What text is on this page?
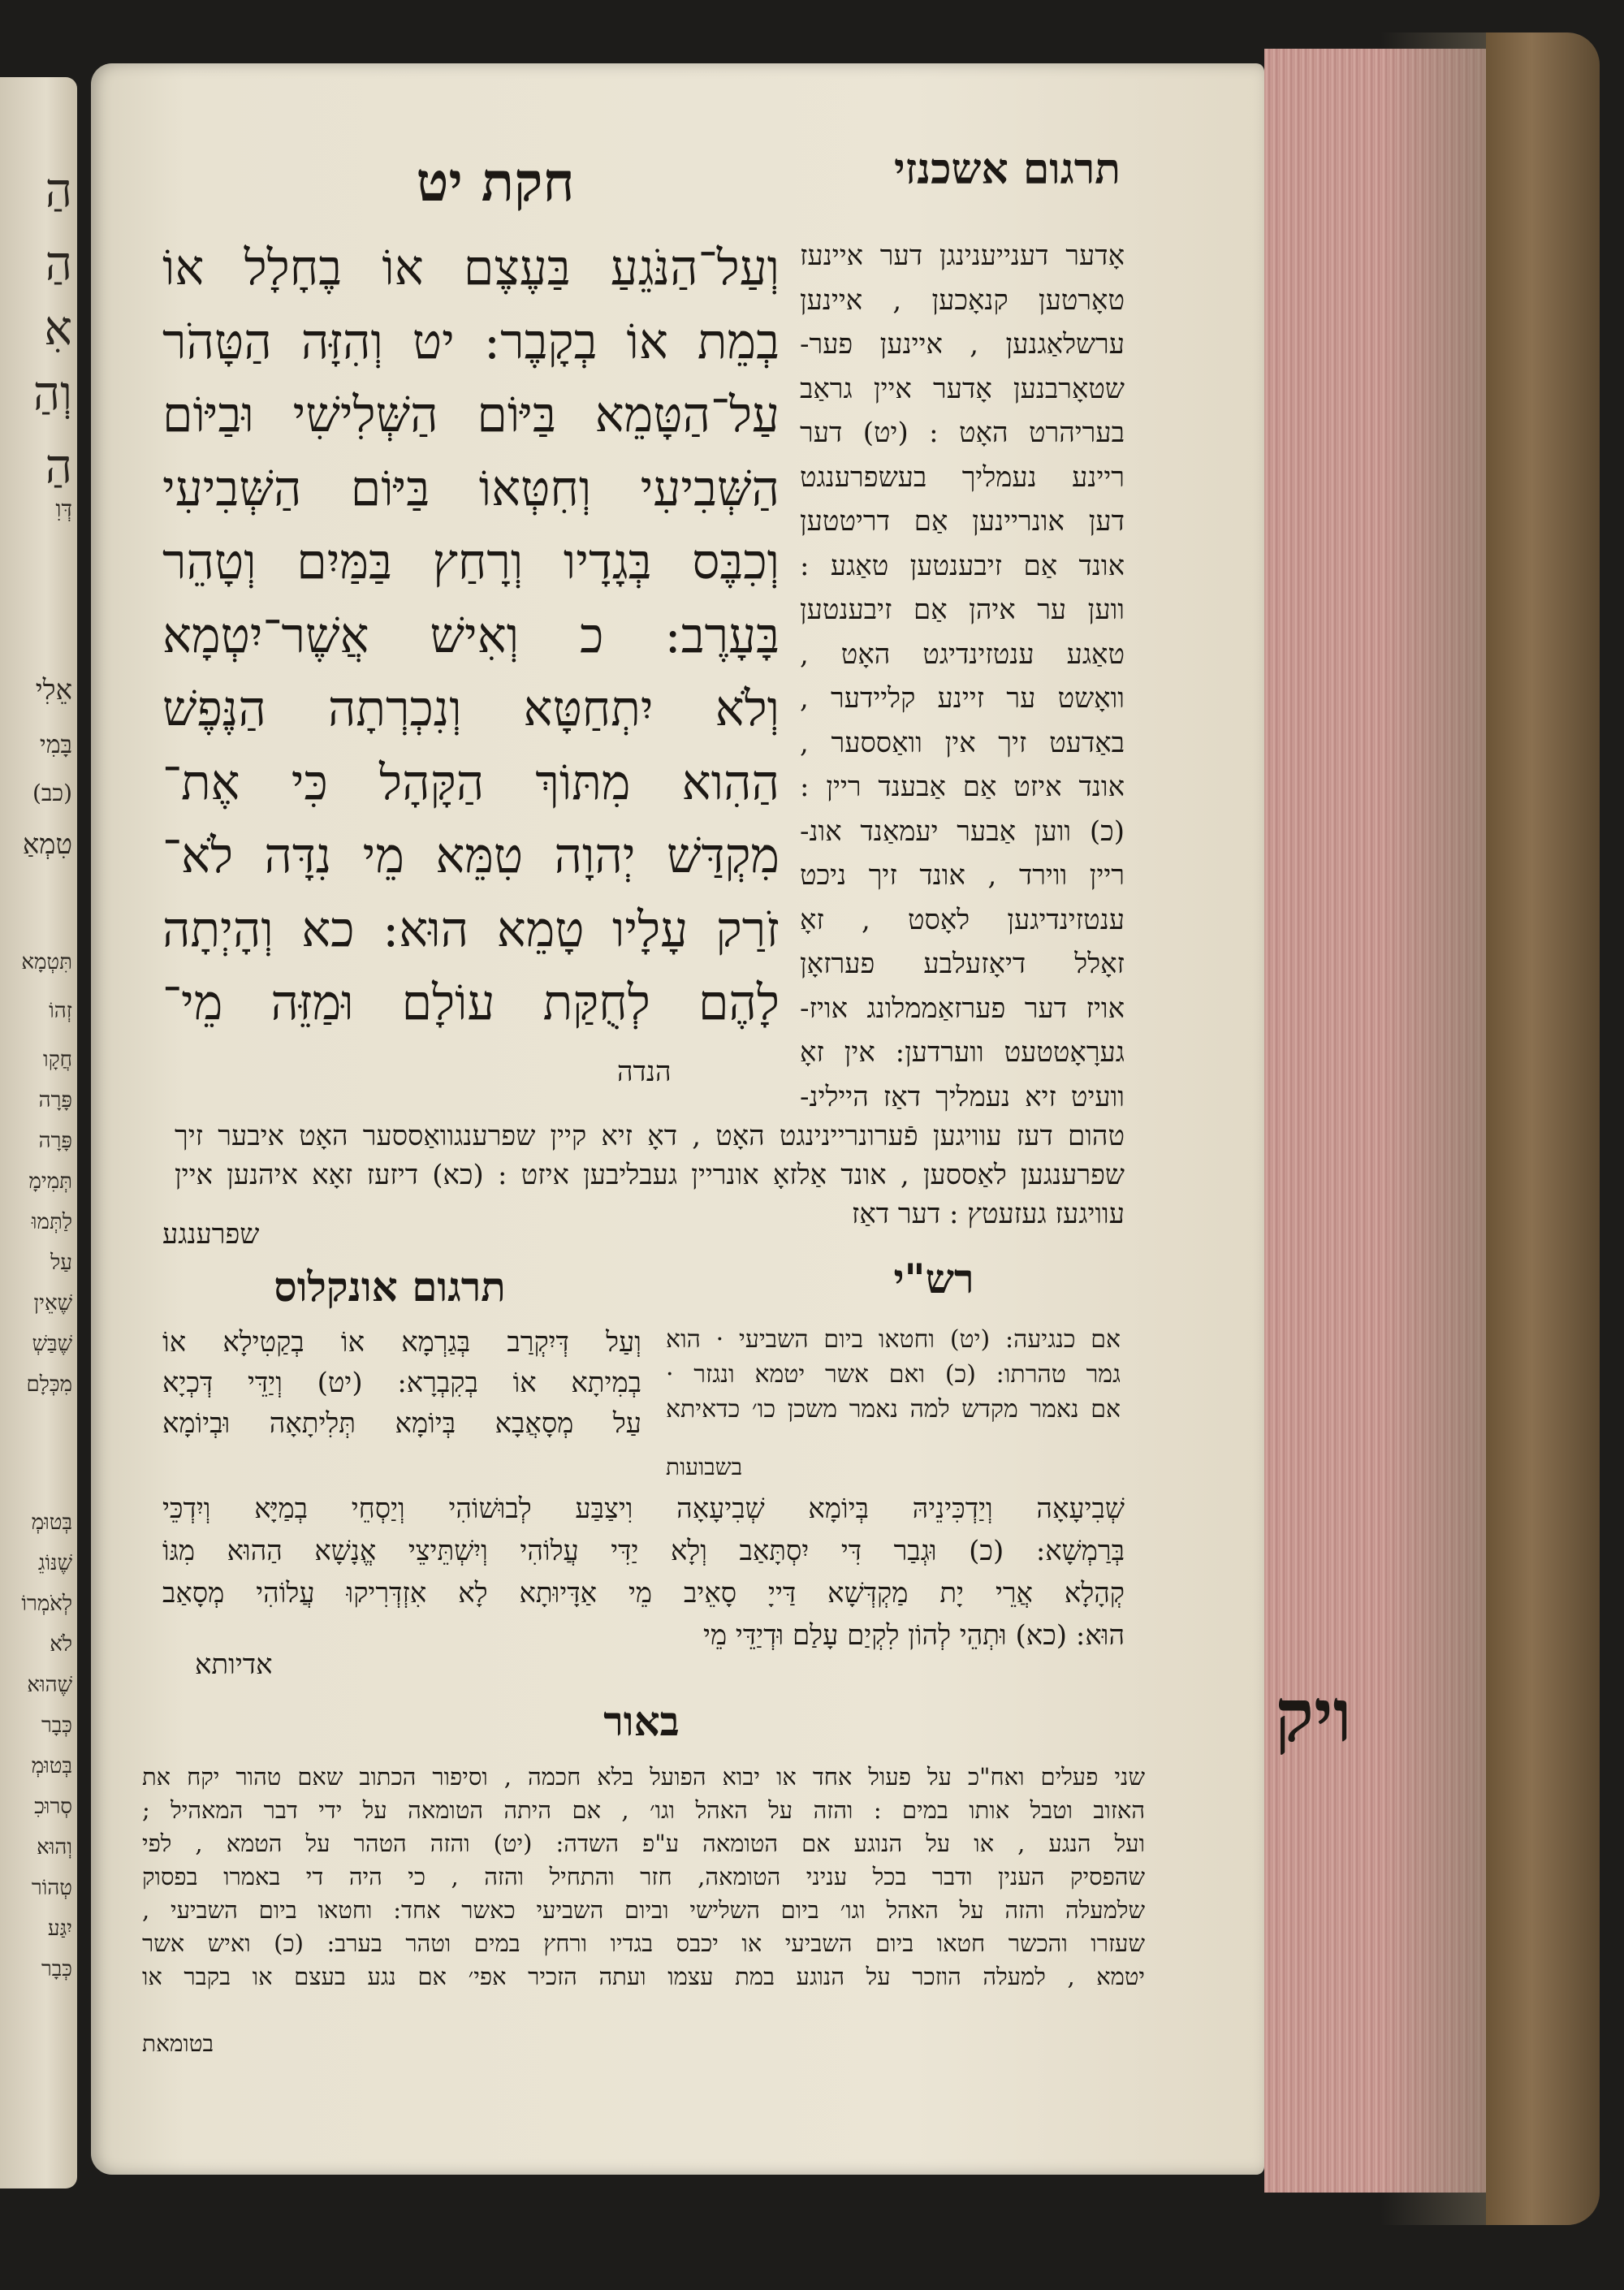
הַ
הַ
אִ
וְהַ
הַ
דְּוִ
אֵלִי
בָּמִי
(כב)
טִמְאַ
תִּטְמָא
זְהוֹ
חֲקָו
פָּרָה
פָּרָה
תְּמִימָ
לַתְּמוּ
עַל
שֶׁאֵין
שֶׁבַּשְׁ
מִכְּלָם
בְּטוּמְ
שֶׁנּוֹגֵ
לְאֹמְרוֹ
לֹא
שֶׁהוּא
כְּבָר
בְּטוּמְ
סְרוּכִ
וְהוּא
טְהוֹר
יִגַּע
כְּבָר
ויק
חקת יט	תרגום אשכנזי
וְעַל־הַנֹּגֵעַ בַּעֶצֶם אוֹ בֶחָלָל אוֹ
בְמֵת אוֹ בְקָבֶר: יט וְהִזָּה הַטָּהֹר
עַל־הַטָּמֵא בַּיּוֹם הַשְּׁלִישִׁי וּבַיּוֹם
הַשְּׁבִיעִי וְחִטְּאוֹ בַּיּוֹם הַשְּׁבִיעִי
וְכִבֶּס בְּגָדָיו וְרָחַץ בַּמַּיִם וְטָהֵר
בָּעָרֶב: כ וְאִישׁ אֲשֶׁר־יִטְמָא
וְלֹא יִתְחַטָּא וְנִכְרְתָה הַנֶּפֶשׁ
הַהִוא מִתּוֹךְ הַקָּהָל כִּי אֶת־
מִקְדַּשׁ יְהוָה טִמֵּא מֵי נִדָּה לֹא־
זֹרַק עָלָיו טָמֵא הוּא: כא וְהָיְתָה
לָהֶם לְחֻקַּת עוֹלָם וּמַזֵּה מֵי־
הנדה
אָדער דענייענינגן דער איינעז
טאָרטען קנאָכען , איינען
ערשלאַגנען , איינען פער-
שטאָרבנען אָדער איין גראַב
בעריהרט האָט : (יט) דער
ריינע נעמליך בעשפרענגט
דען אונריינען אַם דריטטען
אונד אַם זיבענטען טאַגע :
ווען ער איהן אַם זיבענטען
טאַגע ענטזינדיגט האָט ,
וואָשט ער זיינע קליידער ,
באַדעט זיך אין וואַססער ,
אונד איזט אַם אַבענד ריין :
(כ) ווען אַבער יעמאַנד אונ-
ריין ווירד , אונד זיך ניכט
ענטזינדיגען לאָסט , זאָ
זאָלל דיאָזעלבע פערזאָן
אויז דער פערזאַממלונג אויז-
גערָאָטטעט ווערדען: אין זאָ
וועיט זיא נעמליך דאַז היילינ-
טהום דעז עוויגען פֿערונריינינגט האָט , דאָ זיא קיין שפרענגוואַססער האָט איבער זיך
שפרענגען לאַססען , אונד אַלזאָ אונריין געבליבען איזט : (כא) דיזעז זאָא איהנען איין
עוויגעז געזעטץ : דער דאַז
שפרענגע
רש"י
תרגום אונקלוס
אם כנגיעה: (יט) וחטאו ביום השביעי · הוא
גמר טהרתו: (כ) ואם אשר יטמא ונגזר ·
אם נאמר מקדש למה נאמר משכן כו׳ כדאיתא
בשבועות
וְעַל דְּיִקְרַב בְּגַרְמָא אוֹ בְקַטִילָא אוֹ
בְמִיתָא אוֹ בְקִבְרָא: (יט) וְיַדֵּי דְּכְיָא
עַל מְסָאֲבָא בְּיוֹמָא תְּלִיתָאָה וּבְיוֹמָא
שְׁבִיעָאָה וְיַדְכִּינֵיהּ בְּיוֹמָא שְׁבִיעָאָה וִיצַבַּע לְבוּשׁוֹהִי וְיַסְחֵי בְמַיָּא וְיִדְכֵּי
בְּרַמְשָׁא: (כ) וּגְבַר דִּי יִסְתָּאַב וְלָא יַדִּי עֲלוֹהִי וְיִשְׁתֵּיצֵי אֱנָשָׁא הַהוּא מִגּוֹ
קְהָלָא אֲרֵי יָת מַקְדְּשָׁא דַּייָ סָאֵיב מֵי אַדָּיוּתָא לָא אִזְדְּרִיקוּ עֲלוֹהִי מְסָאַב
הוּא: (כא) וּתְהֵי לְהוֹן לִקְיַם עָלַם וּדְיַדֵּי מֵי
אדיותא
באור
שני פעלים ואח"כ על פעול אחד או יבוא הפועל בלא חכמה , וסיפור הכתוב שאם טהור יקח את
האזוב וטבל אותו במים : והזה על האהל וגו׳ , אם היתה הטומאה על ידי דבר המאהיל ;
ועל הנגע , או על הנוגע אם הטומאה ע"פ השדה: (יט) והזה הטהר על הטמא , לפי
שהפסיק הענין ודבר בכל עניני הטומאה, חזר והתחיל והזה , כי היה די באמרו בפסוק
שלמעלה והזה על האהל וגו׳ ביום השלישי וביום השביעי כאשר אחד: וחטאו ביום השביעי ,
שעזרו והכשר חטאו ביום השביעי או יכבס בגדיו ורחץ במים וטהר בערב: (כ) ואיש אשר
יטמא , למעלה הוזכר על הנוגע במת עצמו ועתה הזכיר אפי׳ אם נגע בעצם או בקבר או
בטומאת
